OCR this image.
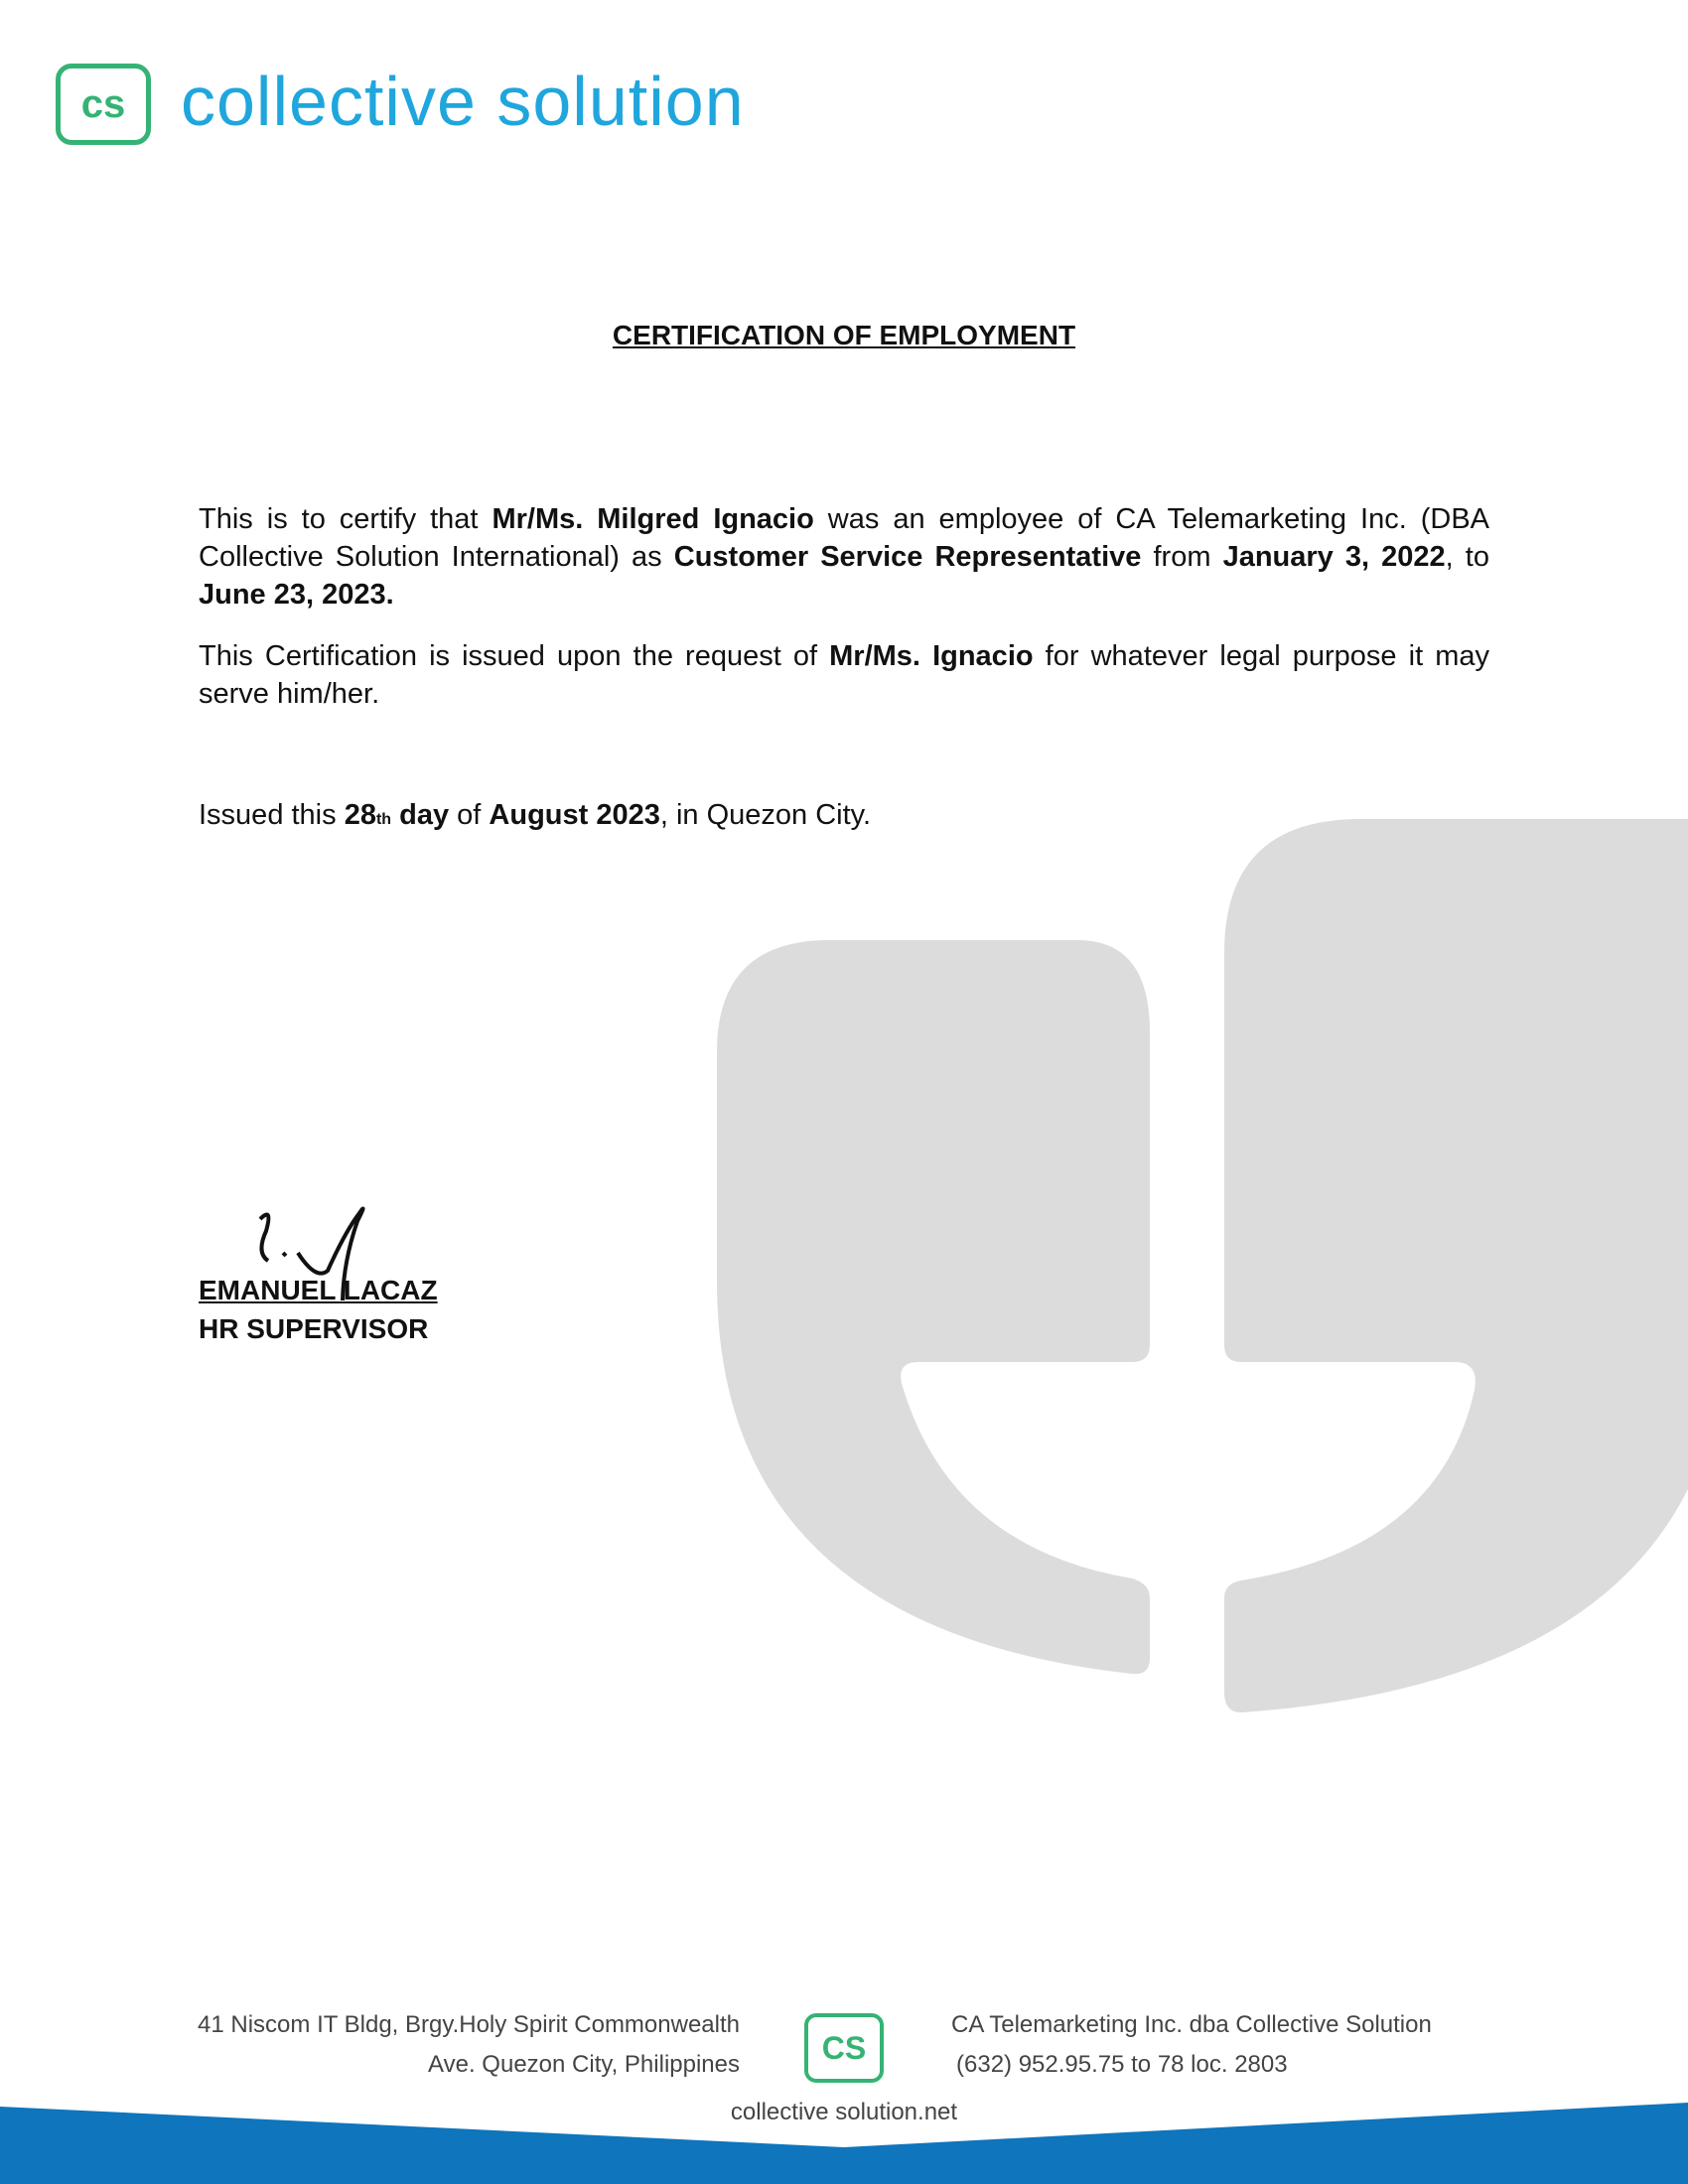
cs collective solution
CERTIFICATION OF EMPLOYMENT
This is to certify that Mr/Ms. Milgred Ignacio was an employee of CA Telemarketing Inc. (DBA Collective Solution International) as Customer Service Representative from January 3, 2022, to June 23, 2023.
This Certification is issued upon the request of Mr/Ms. Ignacio for whatever legal purpose it may serve him/her.
Issued this 28th day of August 2023, in Quezon City.
EMANUEL LACAZ
HR SUPERVISOR
41 Niscom IT Bldg, Brgy.Holy Spirit Commonwealth
Ave. Quezon City, Philippines	CS
CA Telemarketing Inc. dba Collective Solution
(632) 952.95.75 to 78 loc. 2803
collective solution.net
